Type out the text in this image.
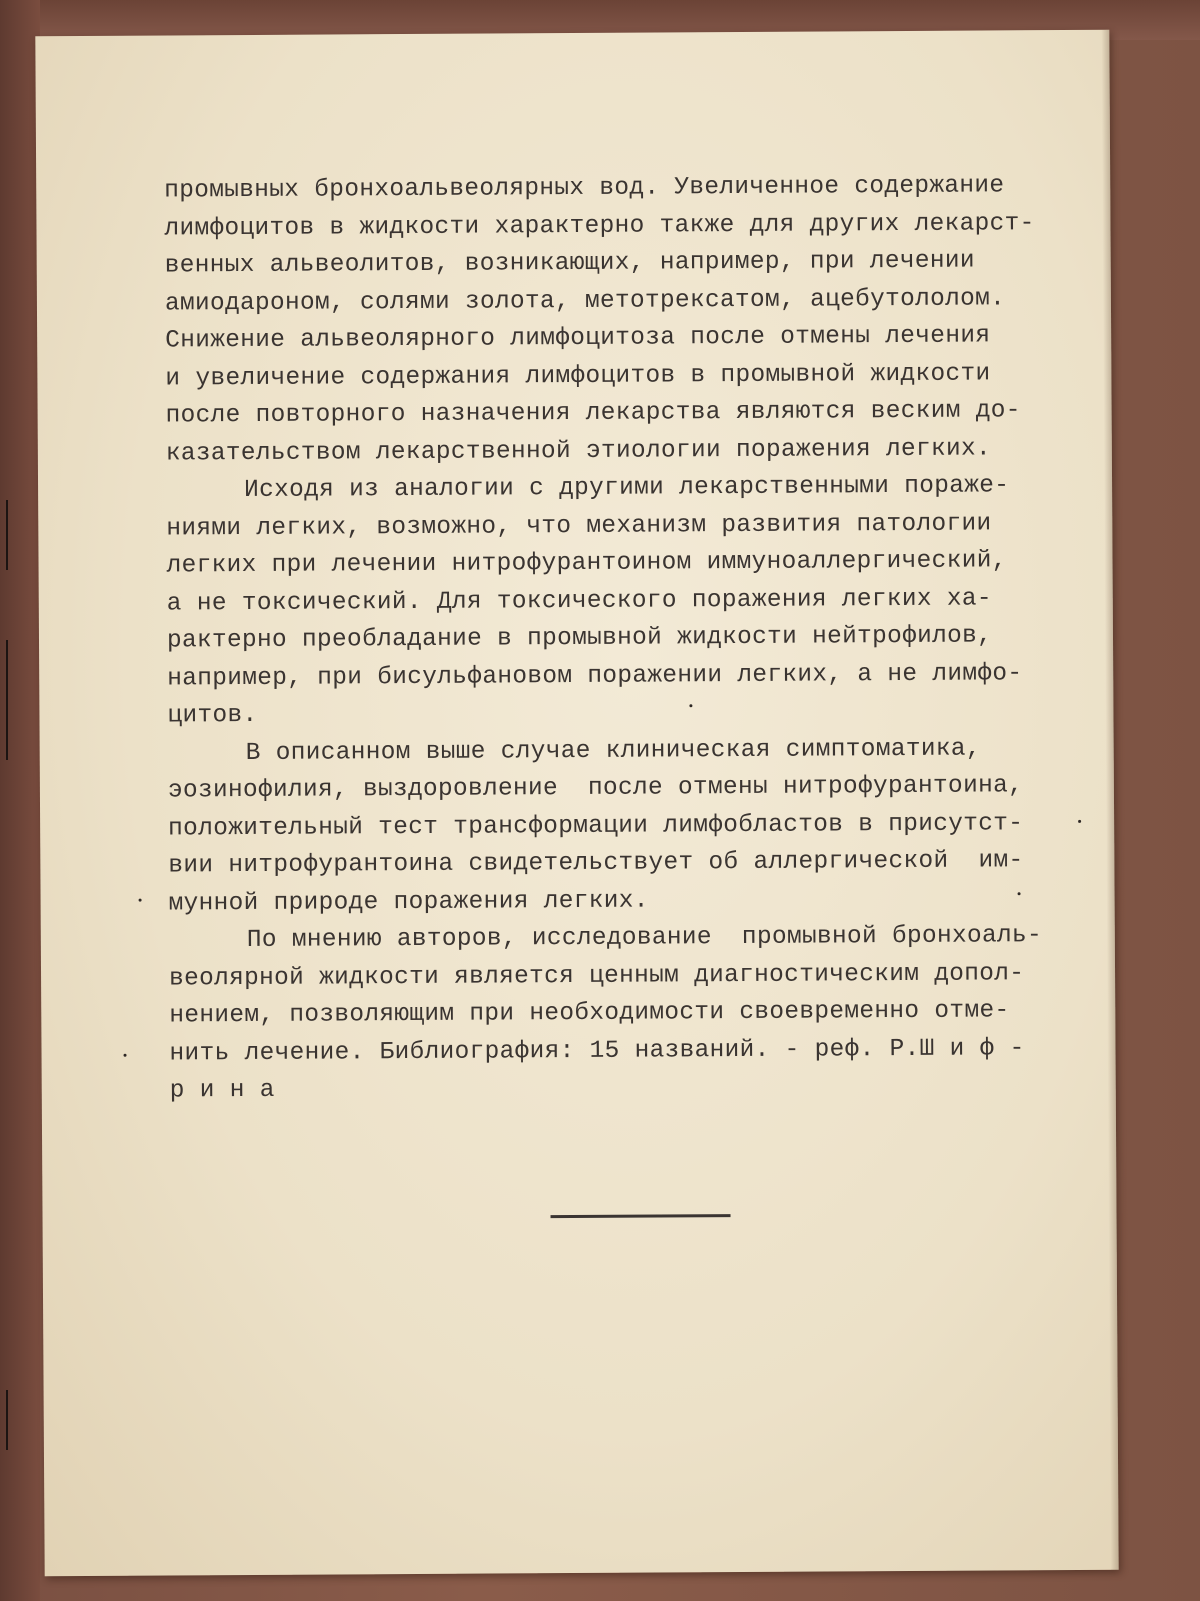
промывных бронхоальвеолярных вод. Увеличенное содержание
лимфоцитов в жидкости характерно также для других лекарст-
венных альвеолитов, возникающих, например, при лечении
амиодароном, солями золота, метотрексатом, ацебутололом.
Снижение альвеолярного лимфоцитоза после отмены лечения
и увеличение содержания лимфоцитов в промывной жидкости
после повторного назначения лекарства являются веским до-
казательством лекарственной этиологии поражения легких.

Исходя из аналогии с другими лекарственными пораже-
ниями легких, возможно, что механизм развития патологии
легких при лечении нитрофурантоином иммуноаллергический,
а не токсический. Для токсического поражения легких ха-
рактерно преобладание в промывной жидкости нейтрофилов,
например, при бисульфановом поражении легких, а не лимфо-
цитов.

В описанном выше случае клиническая симптоматика,
эозинофилия, выздоровление  после отмены нитрофурантоина,
положительный тест трансформации лимфобластов в присутст-
вии нитрофурантоина свидетельствует об аллергической  им-
мунной природе поражения легких.

По мнению авторов, исследование  промывной бронхоаль-
веолярной жидкости является ценным диагностическим допол-
нением, позволяющим при необходимости своевременно отме-
нить лечение. Библиография: 15 названий. - реф. Р.Ш и ф -
р и н а
